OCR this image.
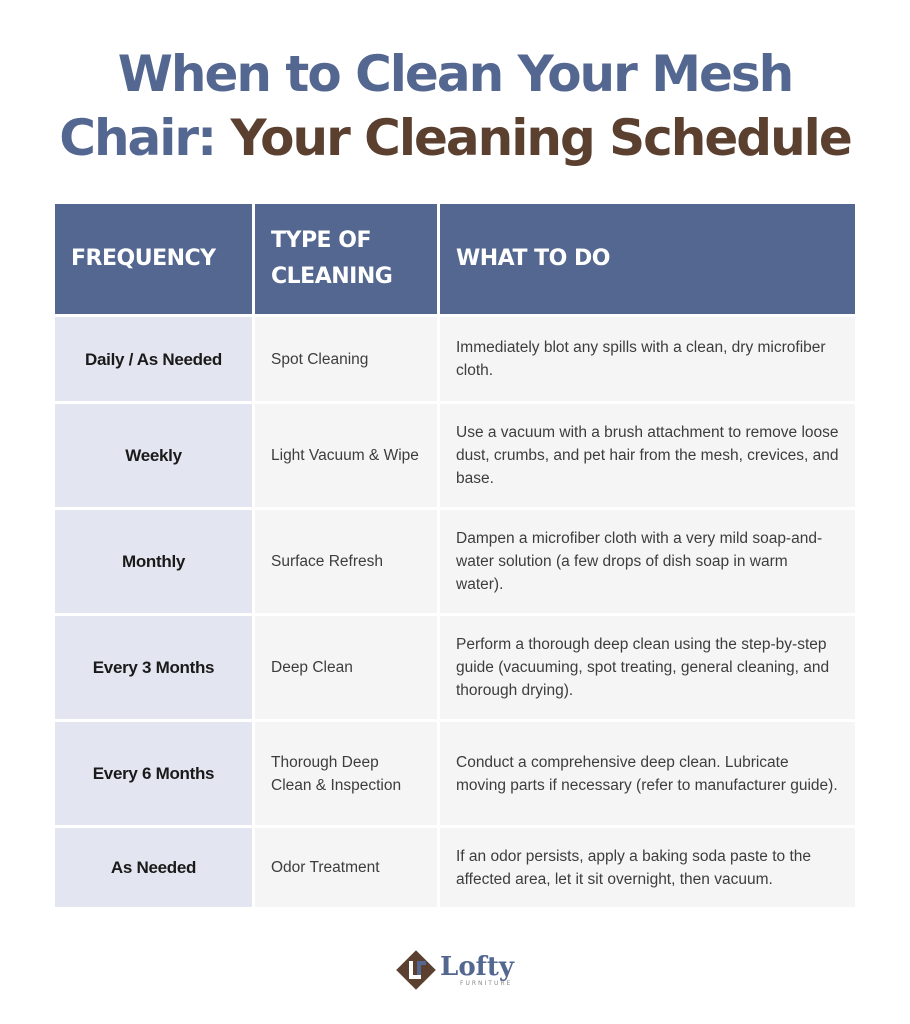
When to Clean Your Mesh
Chair: Your Cleaning Schedule
FREQUENCY	TYPE OF CLEANING	WHAT TO DO
Daily / As Needed	Spot Cleaning	Immediately blot any spills with a clean, dry microfiber cloth.
Weekly	Light Vacuum & Wipe	Use a vacuum with a brush attachment to remove loose dust, crumbs, and pet hair from the mesh, crevices, and base.
Monthly	Surface Refresh	Dampen a microfiber cloth with a very mild soap-and-water solution (a few drops of dish soap in warm water).
Every 3 Months	Deep Clean	Perform a thorough deep clean using the step-by-step guide (vacuuming, spot treating, general cleaning, and thorough drying).
Every 6 Months	Thorough Deep Clean & Inspection	Conduct a comprehensive deep clean. Lubricate moving parts if necessary (refer to manufacturer guide).
As Needed	Odor Treatment	If an odor persists, apply a baking soda paste to the affected area, let it sit overnight, then vacuum.
Lofty
FURNITURE
